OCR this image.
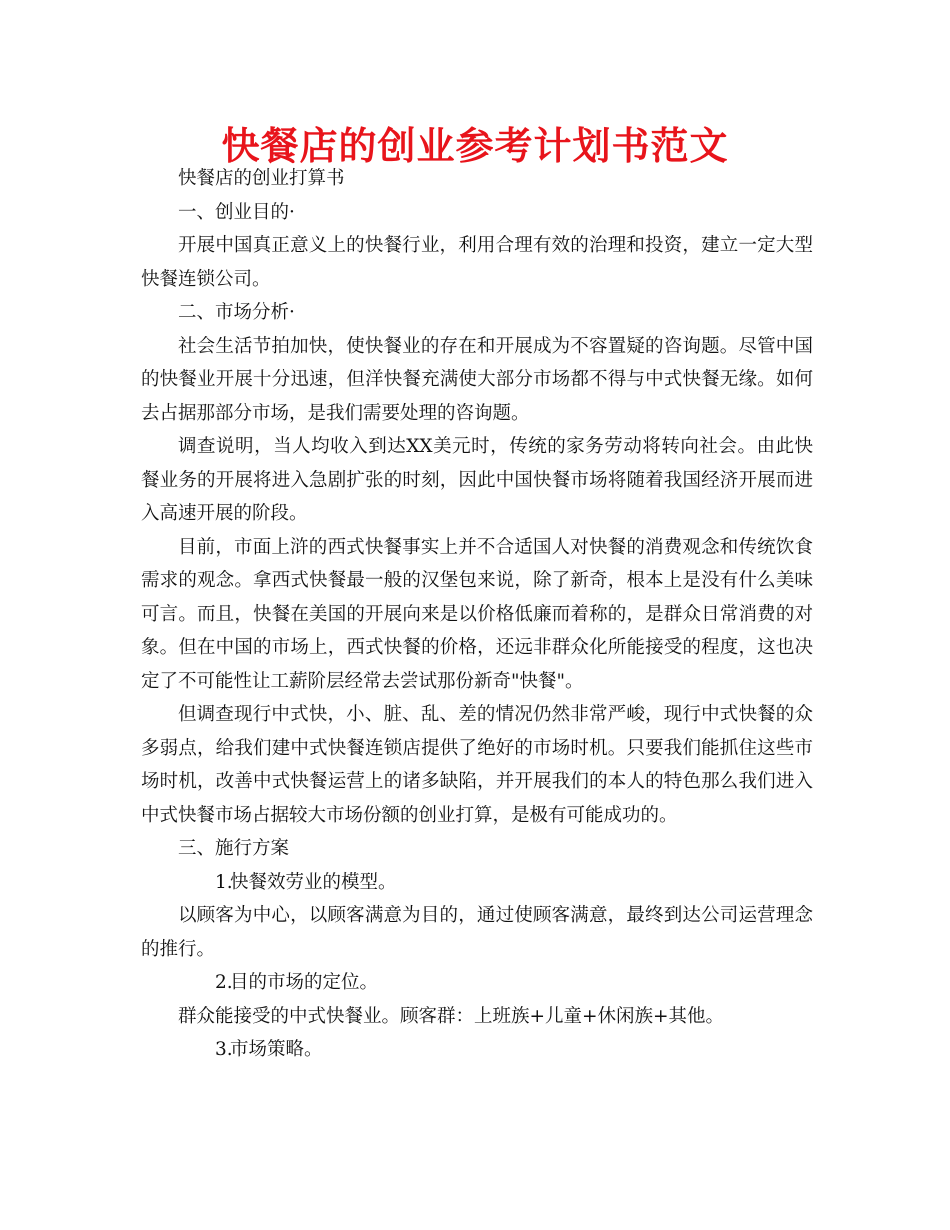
快餐店的创业参考计划书范文

快餐店的创业打算书

一、创业目的·

开展中国真正意义上的快餐行业，利用合理有效的治理和投资，建立一定大型快餐连锁公司。

二、市场分析·

社会生活节拍加快，使快餐业的存在和开展成为不容置疑的咨询题。尽管中国的快餐业开展十分迅速，但洋快餐充满使大部分市场都不得与中式快餐无缘。如何去占据那部分市场，是我们需要处理的咨询题。

调查说明，当人均收入到达XX美元时，传统的家务劳动将转向社会。由此快餐业务的开展将进入急剧扩张的时刻，因此中国快餐市场将随着我国经济开展而进入高速开展的阶段。

目前，市面上浒的西式快餐事实上并不合适国人对快餐的消费观念和传统饮食需求的观念。拿西式快餐最一般的汉堡包来说，除了新奇，根本上是没有什么美味可言。而且，快餐在美国的开展向来是以价格低廉而着称的，是群众日常消费的对象。但在中国的市场上，西式快餐的价格，还远非群众化所能接受的程度，这也决定了不可能性让工薪阶层经常去尝试那份新奇"快餐"。

但调查现行中式快，小、脏、乱、差的情况仍然非常严峻，现行中式快餐的众多弱点，给我们建中式快餐连锁店提供了绝好的市场时机。只要我们能抓住这些市场时机，改善中式快餐运营上的诸多缺陷，并开展我们的本人的特色那么我们进入中式快餐市场占据较大市场份额的创业打算，是极有可能成功的。

三、施行方案

1.快餐效劳业的模型。

以顾客为中心，以顾客满意为目的，通过使顾客满意，最终到达公司运营理念的推行。

2.目的市场的定位。

群众能接受的中式快餐业。顾客群：上班族+儿童+休闲族+其他。

3.市场策略。
